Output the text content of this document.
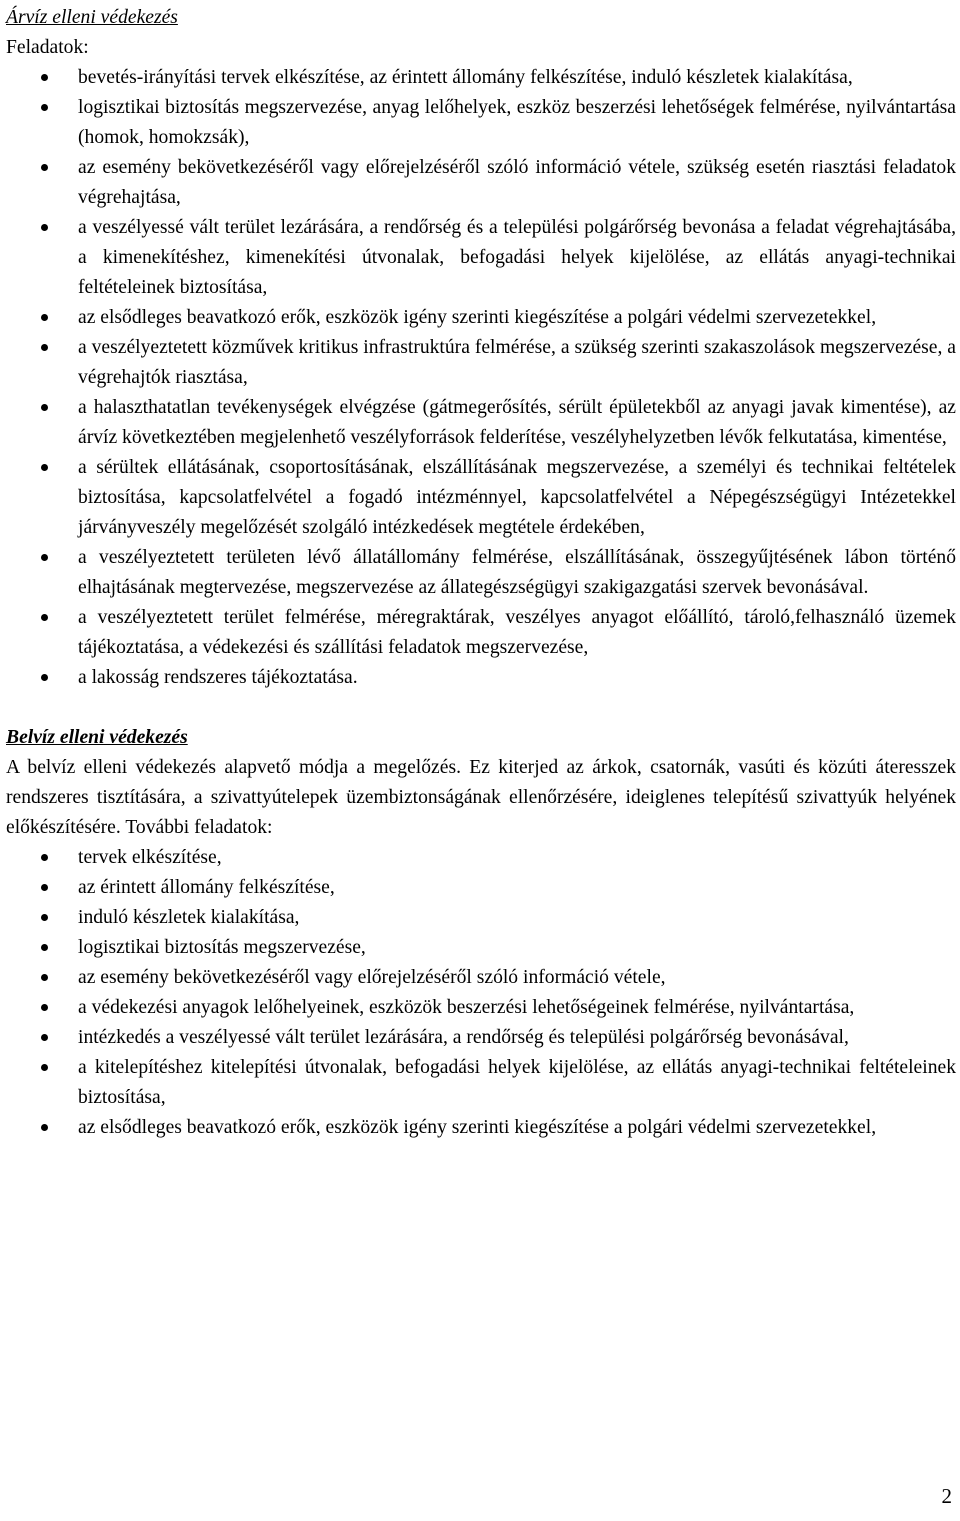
Árvíz elleni védekezés

Feladatok:

bevetés-irányítási tervek elkészítése, az érintett állomány felkészítése, induló készletek kialakítása,
logisztikai biztosítás megszervezése, anyag lelőhelyek, eszköz beszerzési lehetőségek felmérése, nyilvántartása (homok, homokzsák),
az esemény bekövetkezéséről vagy előrejelzéséről szóló információ vétele, szükség esetén riasztási feladatok végrehajtása,
a veszélyessé vált terület lezárására, a rendőrség és a települési polgárőrség bevonása a feladat végrehajtásába, a kimenekítéshez, kimenekítési útvonalak, befogadási helyek kijelölése, az ellátás anyagi-technikai feltételeinek biztosítása,
az elsődleges beavatkozó erők, eszközök igény szerinti kiegészítése a polgári védelmi szervezetekkel,
a veszélyeztetett közművek kritikus infrastruktúra felmérése, a szükség szerinti szakaszolások megszervezése, a végrehajtók riasztása,
a halaszthatatlan tevékenységek elvégzése (gátmegerősítés, sérült épületekből az anyagi javak kimentése), az árvíz következtében megjelenhető veszélyforrások felderítése, veszélyhelyzetben lévők felkutatása, kimentése,
a sérültek ellátásának, csoportosításának, elszállításának megszervezése, a személyi és technikai feltételek biztosítása, kapcsolatfelvétel a fogadó intézménnyel, kapcsolatfelvétel a Népegészségügyi Intézetekkel járványveszély megelőzését szolgáló intézkedések megtétele érdekében,
a veszélyeztetett területen lévő állatállomány felmérése, elszállításának, összegyűjtésének lábon történő elhajtásának megtervezése, megszervezése az állategészségügyi szakigazgatási szervek bevonásával.
a veszélyeztetett terület felmérése, méregraktárak, veszélyes anyagot előállító, tároló,felhasználó üzemek tájékoztatása, a védekezési és szállítási feladatok megszervezése,
a lakosság rendszeres tájékoztatása.

Belvíz elleni védekezés

A belvíz elleni védekezés alapvető módja a megelőzés. Ez kiterjed az árkok, csatornák, vasúti és közúti áteresszek rendszeres tisztítására, a szivattyútelepek üzembiztonságának ellenőrzésére, ideiglenes telepítésű szivattyúk helyének előkészítésére. További feladatok:

tervek elkészítése,
az érintett állomány felkészítése,
induló készletek kialakítása,
logisztikai biztosítás megszervezése,
az esemény bekövetkezéséről vagy előrejelzéséről szóló információ vétele,
a védekezési anyagok lelőhelyeinek, eszközök beszerzési lehetőségeinek felmérése, nyilvántartása,
intézkedés a veszélyessé vált terület lezárására, a rendőrség és települési polgárőrség bevonásával,
a kitelepítéshez kitelepítési útvonalak, befogadási helyek kijelölése, az ellátás anyagi-technikai feltételeinek biztosítása,
az elsődleges beavatkozó erők, eszközök igény szerinti kiegészítése a polgári védelmi szervezetekkel,
2
